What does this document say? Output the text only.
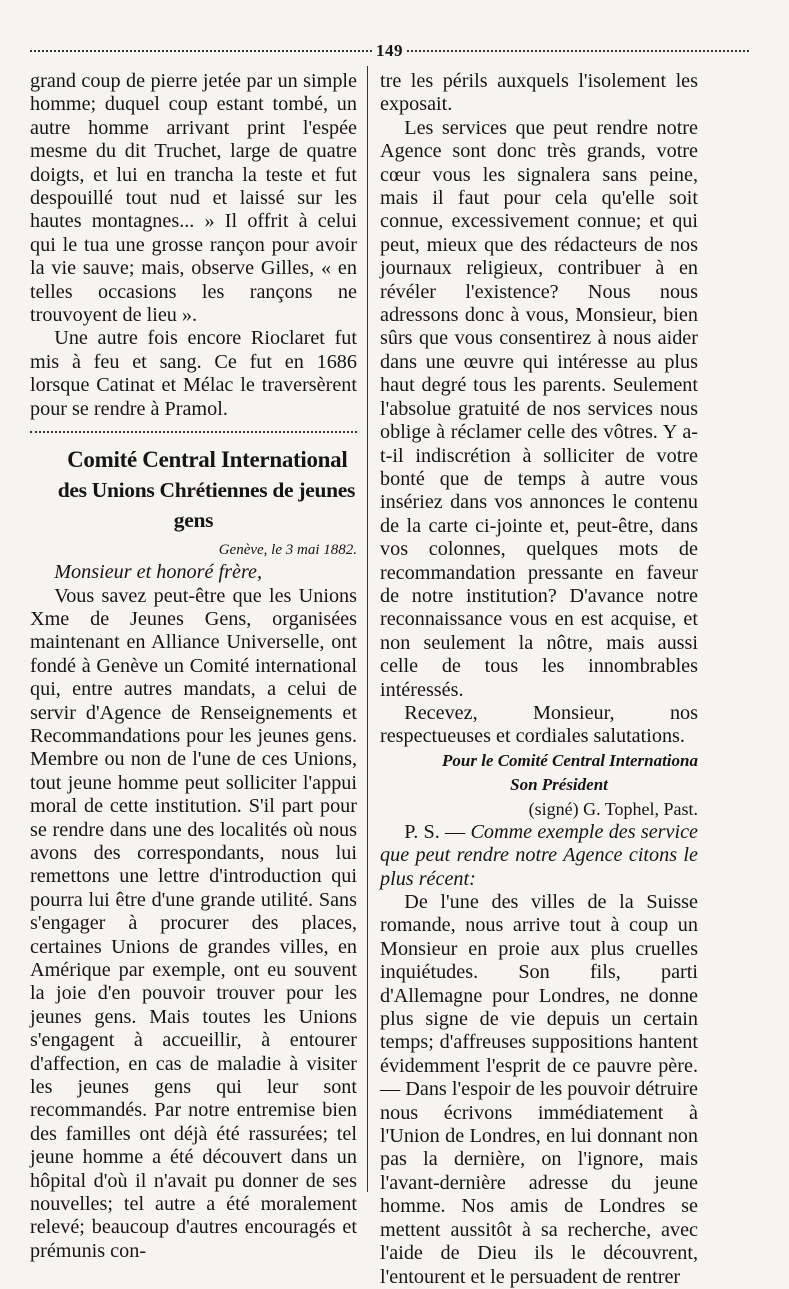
149

grand coup de pierre jetée par un simple homme; duquel coup estant tombé, un autre homme arrivant print l'espée mesme du dit Truchet, large de quatre doigts, et lui en trancha la teste et fut despouillé tout nud et laissé sur les hautes montagnes... » Il offrit à celui qui le tua une grosse rançon pour avoir la vie sauve; mais, observe Gilles, « en telles occasions les rançons ne trouvoyent de lieu ».

Une autre fois encore Rioclaret fut mis à feu et sang. Ce fut en 1686 lorsque Catinat et Mélac le traversèrent pour se rendre à Pramol.

Comité Central International

des Unions Chrétiennes de jeunes gens

Genève, le 3 mai 1882.

Monsieur et honoré frère,

Vous savez peut-être que les Unions Xme de Jeunes Gens, organisées maintenant en Alliance Universelle, ont fondé à Genève un Comité international qui, entre autres mandats, a celui de servir d'Agence de Renseignements et Recommandations pour les jeunes gens. Membre ou non de l'une de ces Unions, tout jeune homme peut solliciter l'appui moral de cette institution. S'il part pour se rendre dans une des localités où nous avons des correspondants, nous lui remettons une lettre d'introduction qui pourra lui être d'une grande utilité. Sans s'engager à procurer des places, certaines Unions de grandes villes, en Amérique par exemple, ont eu souvent la joie d'en pouvoir trouver pour les jeunes gens. Mais toutes les Unions s'engagent à accueillir, à entourer d'affection, en cas de maladie à visiter les jeunes gens qui leur sont recommandés. Par notre entremise bien des familles ont déjà été rassurées; tel jeune homme a été découvert dans un hôpital d'où il n'avait pu donner de ses nouvelles; tel autre a été moralement relevé; beaucoup d'autres encouragés et prémunis con-

tre les périls auxquels l'isolement les exposait.

Les services que peut rendre notre Agence sont donc très grands, votre cœur vous les signalera sans peine, mais il faut pour cela qu'elle soit connue, excessivement connue; et qui peut, mieux que des rédacteurs de nos journaux religieux, contribuer à en révéler l'existence? Nous nous adressons donc à vous, Monsieur, bien sûrs que vous consentirez à nous aider dans une œuvre qui intéresse au plus haut degré tous les parents. Seulement l'absolue gratuité de nos services nous oblige à réclamer celle des vôtres. Y a-t-il indiscrétion à solliciter de votre bonté que de temps à autre vous insériez dans vos annonces le contenu de la carte ci-jointe et, peut-être, dans vos colonnes, quelques mots de recommandation pressante en faveur de notre institution? D'avance notre reconnaissance vous en est acquise, et non seulement la nôtre, mais aussi celle de tous les innombrables intéressés.

Recevez, Monsieur, nos respectueuses et cordiales salutations.

Pour le Comité Central Internationa
Son Président
(signé) G. Tophel, Past.

P. S. — Comme exemple des service que peut rendre notre Agence citons le plus récent:

De l'une des villes de la Suisse romande, nous arrive tout à coup un Monsieur en proie aux plus cruelles inquiétudes. Son fils, parti d'Allemagne pour Londres, ne donne plus signe de vie depuis un certain temps; d'affreuses suppositions hantent évidemment l'esprit de ce pauvre père. — Dans l'espoir de les pouvoir détruire nous écrivons immédiatement à l'Union de Londres, en lui donnant non pas la dernière, on l'ignore, mais l'avant-dernière adresse du jeune homme. Nos amis de Londres se mettent aussitôt à sa recherche, avec l'aide de Dieu ils le découvrent, l'entourent et le persuadent de rentrer
